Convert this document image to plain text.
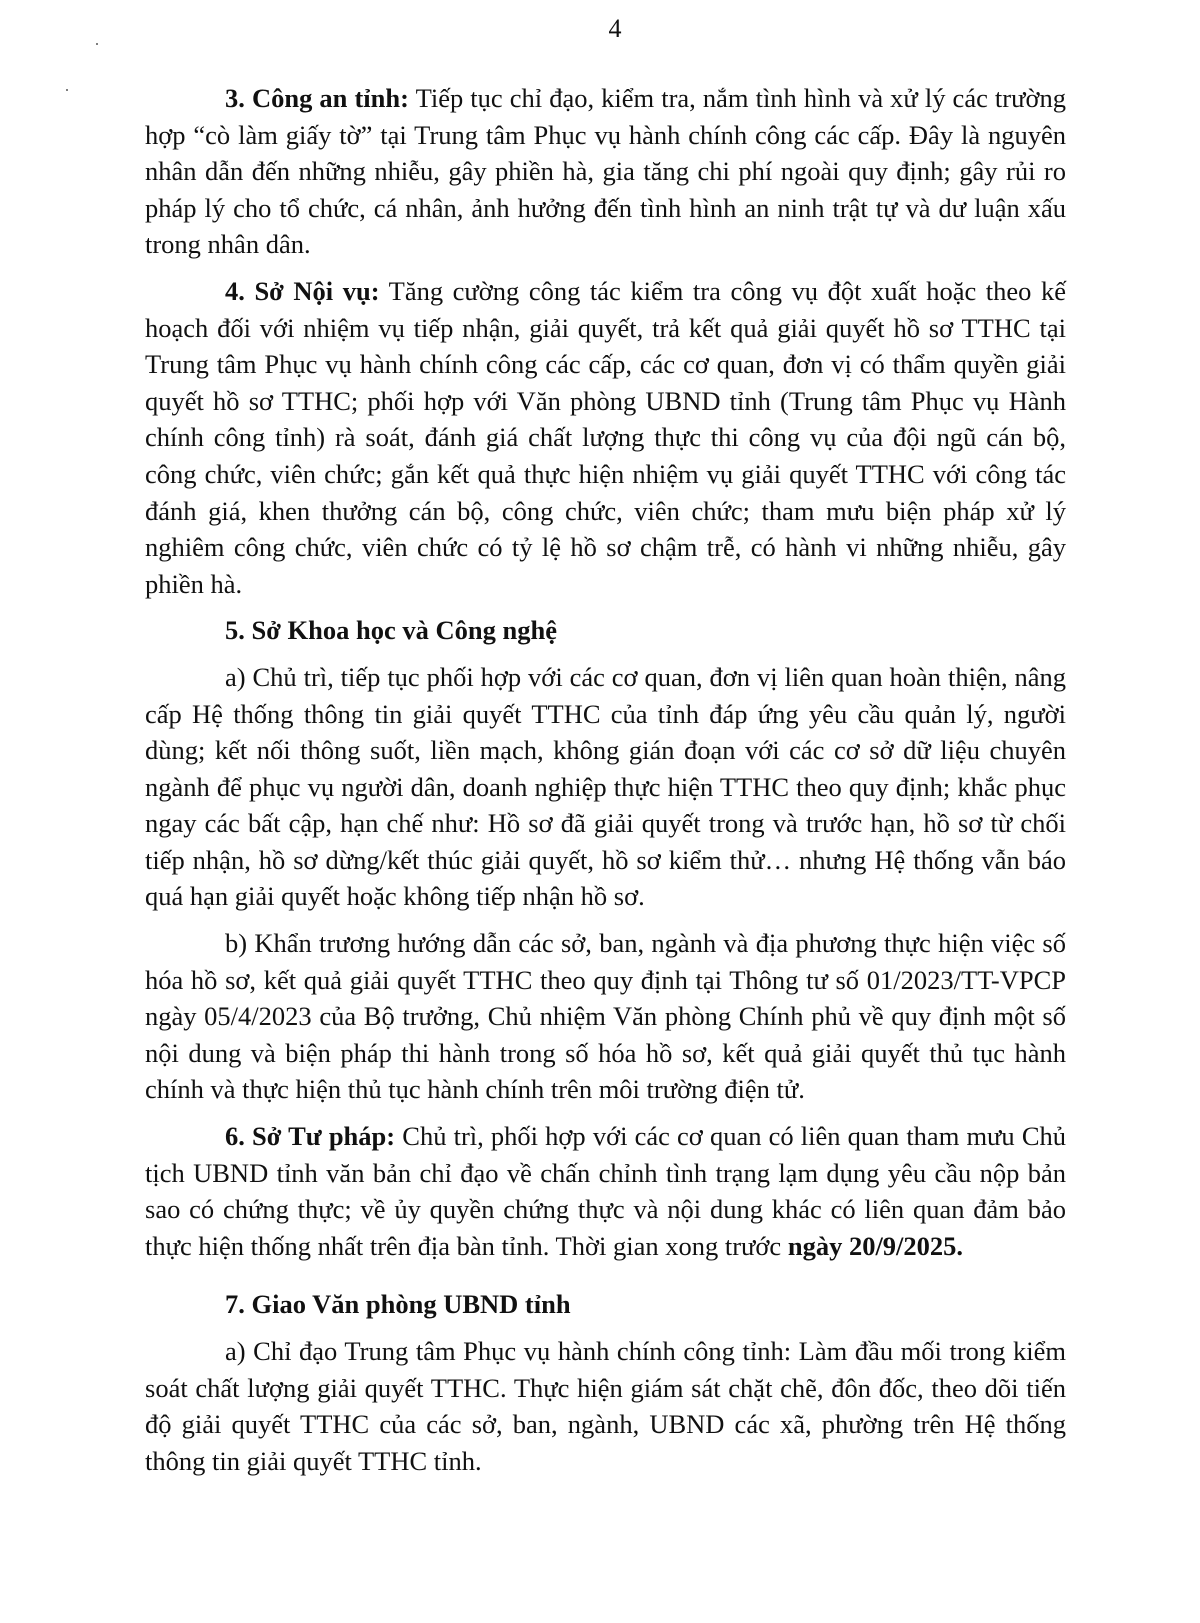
4

3. Công an tỉnh: Tiếp tục chỉ đạo, kiểm tra, nắm tình hình và xử lý các trường hợp “cò làm giấy tờ” tại Trung tâm Phục vụ hành chính công các cấp. Đây là nguyên nhân dẫn đến những nhiễu, gây phiền hà, gia tăng chi phí ngoài quy định; gây rủi ro pháp lý cho tổ chức, cá nhân, ảnh hưởng đến tình hình an ninh trật tự và dư luận xấu trong nhân dân.

4. Sở Nội vụ: Tăng cường công tác kiểm tra công vụ đột xuất hoặc theo kế hoạch đối với nhiệm vụ tiếp nhận, giải quyết, trả kết quả giải quyết hồ sơ TTHC tại Trung tâm Phục vụ hành chính công các cấp, các cơ quan, đơn vị có thẩm quyền giải quyết hồ sơ TTHC; phối hợp với Văn phòng UBND tỉnh (Trung tâm Phục vụ Hành chính công tỉnh) rà soát, đánh giá chất lượng thực thi công vụ của đội ngũ cán bộ, công chức, viên chức; gắn kết quả thực hiện nhiệm vụ giải quyết TTHC với công tác đánh giá, khen thưởng cán bộ, công chức, viên chức; tham mưu biện pháp xử lý nghiêm công chức, viên chức có tỷ lệ hồ sơ chậm trễ, có hành vi những nhiễu, gây phiền hà.

5. Sở Khoa học và Công nghệ

a) Chủ trì, tiếp tục phối hợp với các cơ quan, đơn vị liên quan hoàn thiện, nâng cấp Hệ thống thông tin giải quyết TTHC của tỉnh đáp ứng yêu cầu quản lý, người dùng; kết nối thông suốt, liền mạch, không gián đoạn với các cơ sở dữ liệu chuyên ngành để phục vụ người dân, doanh nghiệp thực hiện TTHC theo quy định; khắc phục ngay các bất cập, hạn chế như: Hồ sơ đã giải quyết trong và trước hạn, hồ sơ từ chối tiếp nhận, hồ sơ dừng/kết thúc giải quyết, hồ sơ kiểm thử… nhưng Hệ thống vẫn báo quá hạn giải quyết hoặc không tiếp nhận hồ sơ.

b) Khẩn trương hướng dẫn các sở, ban, ngành và địa phương thực hiện việc số hóa hồ sơ, kết quả giải quyết TTHC theo quy định tại Thông tư số 01/2023/TT-VPCP ngày 05/4/2023 của Bộ trưởng, Chủ nhiệm Văn phòng Chính phủ về quy định một số nội dung và biện pháp thi hành trong số hóa hồ sơ, kết quả giải quyết thủ tục hành chính và thực hiện thủ tục hành chính trên môi trường điện tử.

6. Sở Tư pháp: Chủ trì, phối hợp với các cơ quan có liên quan tham mưu Chủ tịch UBND tỉnh văn bản chỉ đạo về chấn chỉnh tình trạng lạm dụng yêu cầu nộp bản sao có chứng thực; về ủy quyền chứng thực và nội dung khác có liên quan đảm bảo thực hiện thống nhất trên địa bàn tỉnh. Thời gian xong trước ngày 20/9/2025.

7. Giao Văn phòng UBND tỉnh

a) Chỉ đạo Trung tâm Phục vụ hành chính công tỉnh: Làm đầu mối trong kiểm soát chất lượng giải quyết TTHC. Thực hiện giám sát chặt chẽ, đôn đốc, theo dõi tiến độ giải quyết TTHC của các sở, ban, ngành, UBND các xã, phường trên Hệ thống thông tin giải quyết TTHC tỉnh.
